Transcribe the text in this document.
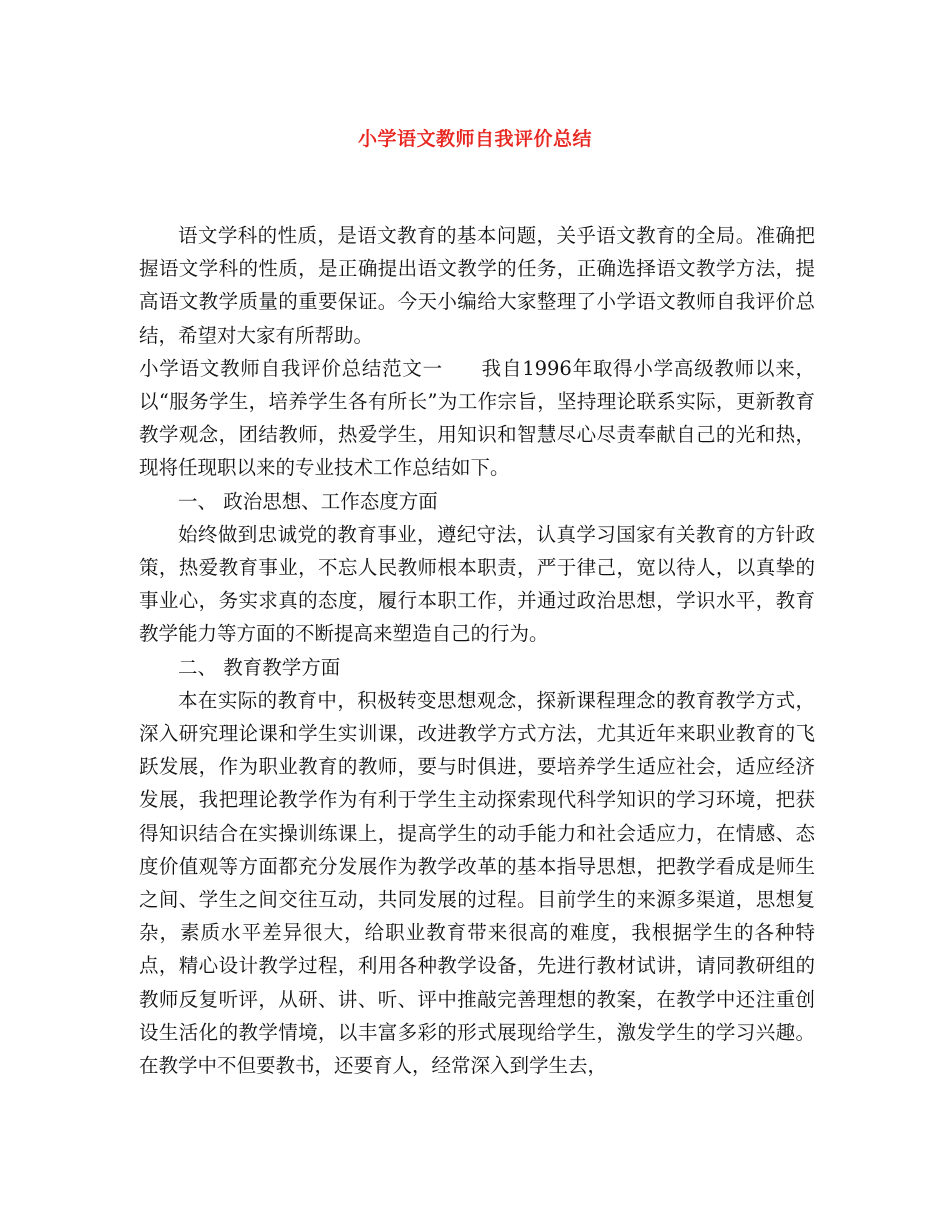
小学语文教师自我评价总结

语文学科的性质，是语文教育的基本问题，关乎语文教育的全局。准确把握语文学科的性质，是正确提出语文教学的任务，正确选择语文教学方法，提高语文教学质量的重要保证。今天小编给大家整理了小学语文教师自我评价总结，希望对大家有所帮助。

小学语文教师自我评价总结范文一 我自1996年取得小学高级教师以来，以“服务学生，培养学生各有所长”为工作宗旨，坚持理论联系实际，更新教育教学观念，团结教师，热爱学生，用知识和智慧尽心尽责奉献自己的光和热，现将任现职以来的专业技术工作总结如下。

一、 政治思想、工作态度方面

始终做到忠诚党的教育事业，遵纪守法，认真学习国家有关教育的方针政策，热爱教育事业，不忘人民教师根本职责，严于律己，宽以待人，以真挚的事业心，务实求真的态度，履行本职工作，并通过政治思想，学识水平，教育教学能力等方面的不断提高来塑造自己的行为。

二、 教育教学方面

本在实际的教育中，积极转变思想观念，探新课程理念的教育教学方式，深入研究理论课和学生实训课，改进教学方式方法，尤其近年来职业教育的飞跃发展，作为职业教育的教师，要与时俱进，要培养学生适应社会，适应经济发展，我把理论教学作为有利于学生主动探索现代科学知识的学习环境，把获得知识结合在实操训练课上，提高学生的动手能力和社会适应力，在情感、态度价值观等方面都充分发展作为教学改革的基本指导思想，把教学看成是师生之间、学生之间交往互动，共同发展的过程。目前学生的来源多渠道，思想复杂，素质水平差异很大，给职业教育带来很高的难度，我根据学生的各种特点，精心设计教学过程，利用各种教学设备，先进行教材试讲，请同教研组的教师反复听评，从研、讲、听、评中推敲完善理想的教案，在教学中还注重创设生活化的教学情境，以丰富多彩的形式展现给学生，激发学生的学习兴趣。在教学中不但要教书，还要育人，经常深入到学生去，
